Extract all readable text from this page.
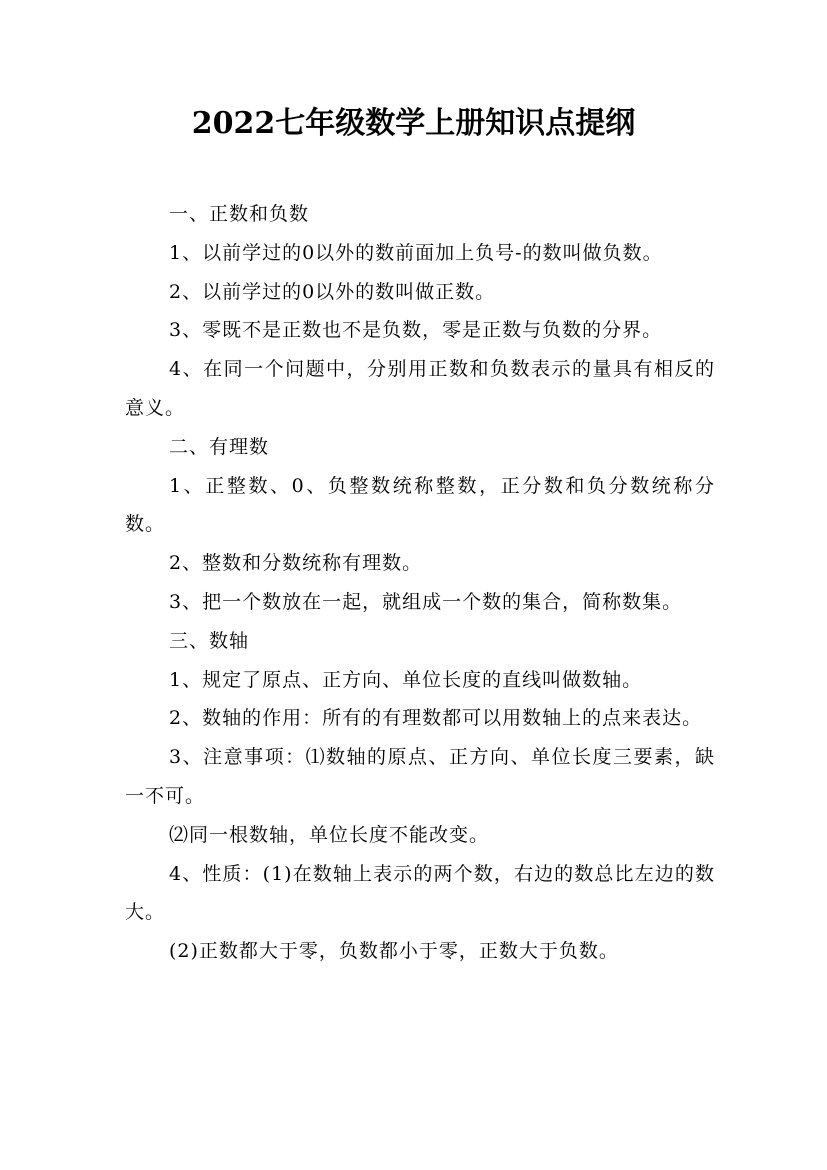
2022七年级数学上册知识点提纲

一、正数和负数

1、以前学过的0以外的数前面加上负号-的数叫做负数。

2、以前学过的0以外的数叫做正数。

3、零既不是正数也不是负数，零是正数与负数的分界。

4、在同一个问题中，分别用正数和负数表示的量具有相反的意义。

二、有理数

1、正整数、0、负整数统称整数，正分数和负分数统称分数。

2、整数和分数统称有理数。

3、把一个数放在一起，就组成一个数的集合，简称数集。

三、数轴

1、规定了原点、正方向、单位长度的直线叫做数轴。

2、数轴的作用：所有的有理数都可以用数轴上的点来表达。

3、注意事项：⑴数轴的原点、正方向、单位长度三要素，缺一不可。

⑵同一根数轴，单位长度不能改变。

4、性质：(1)在数轴上表示的两个数，右边的数总比左边的数大。

(2)正数都大于零，负数都小于零，正数大于负数。
